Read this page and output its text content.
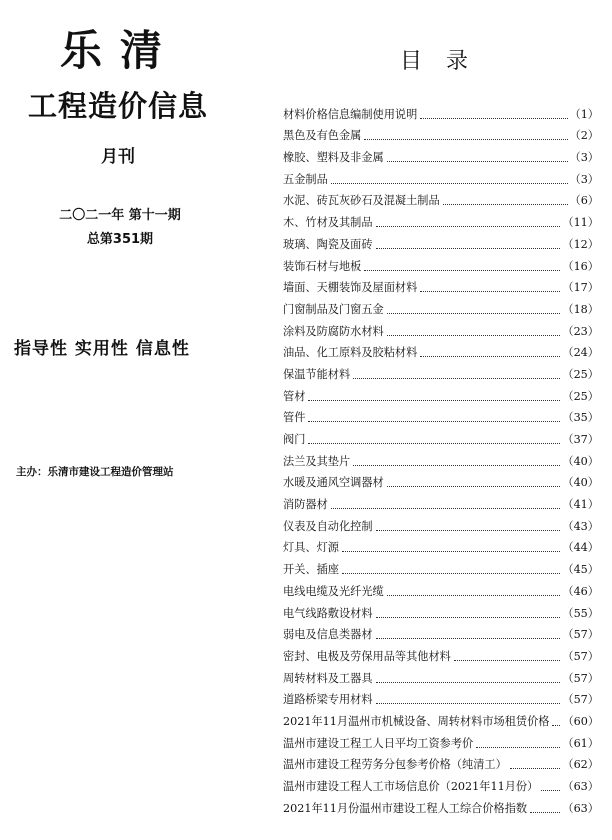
乐清
工程造价信息
月刊
二〇二一年 第十一期
总第351期
指导性 实用性 信息性
主办：乐清市建设工程造价管理站
目录
材料价格信息编制使用说明	（1）
黑色及有色金属	（2）
橡胶、塑料及非金属	（3）
五金制品	（3）
水泥、砖瓦灰砂石及混凝土制品	（6）
木、竹材及其制品	（11）
玻璃、陶瓷及面砖	（12）
装饰石材与地板	（16）
墙面、天棚装饰及屋面材料	（17）
门窗制品及门窗五金	（18）
涂料及防腐防水材料	（23）
油品、化工原料及胶粘材料	（24）
保温节能材料	（25）
管材	（25）
管件	（35）
阀门	（37）
法兰及其垫片	（40）
水暖及通风空调器材	（40）
消防器材	（41）
仪表及自动化控制	（43）
灯具、灯源	（44）
开关、插座	（45）
电线电缆及光纤光缆	（46）
电气线路敷设材料	（55）
弱电及信息类器材	（57）
密封、电极及劳保用品等其他材料	（57）
周转材料及工器具	（57）
道路桥梁专用材料	（57）
2021年11月温州市机械设备、周转材料市场租赁价格 （60）
温州市建设工程工人日平均工资参考价	（61）
温州市建设工程劳务分包参考价格（纯清工）	（62）
温州市建设工程人工市场信息价（2021年11月份） （63）
2021年11月份温州市建设工程人工综合价格指数	（63）
